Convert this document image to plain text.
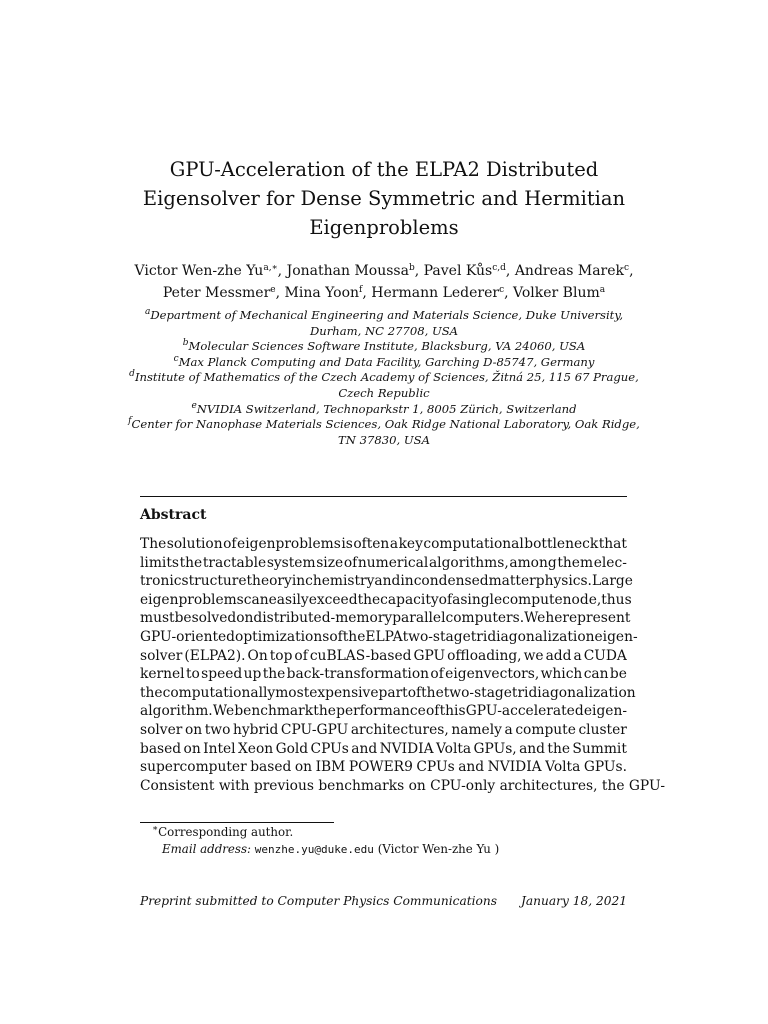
GPU-Acceleration of the ELPA2 Distributed
Eigensolver for Dense Symmetric and Hermitian
Eigenproblems
Victor Wen-zhe $Yu^{a,∗}$, Jonathan Moussa$^b$, Pavel Kůs$^{c,d}$, Andreas Marek$^c$,
Peter Messmer$^e$, Mina Yoon$^f$, Hermann Lederer$^c$, Volker Blum$^a$
$^a$Department of Mechanical Engineering and Materials Science, Duke University,
Durham, NC 27708, USA
$^b$Molecular Sciences Software Institute, Blacksburg, VA 24060, USA
$^c$Max Planck Computing and Data Facility, Garching D-85747, Germany
$^d$Institute of Mathematics of the Czech Academy of Sciences, Žitná 25, 115 67 Prague,
Czech Republic
$^e$NVIDIA Switzerland, Technoparkstr 1, 8005 Zürich, Switzerland
$^f$Center for Nanophase Materials Sciences, Oak Ridge National Laboratory, Oak Ridge,
TN 37830, USA
Abstract
The solution of eigenproblems is often a key computational bottleneck that
limits the tractable system size of numerical algorithms, among them elec-
tronic structure theory in chemistry and in condensed matter physics. Large
eigenproblems can easily exceed the capacity of a single compute node, thus
must be solved on distributed-memory parallel computers. We here present
GPU-oriented optimizations of the ELPA two-stage tridiagonalization eigen-
solver (ELPA2). On top of cuBLAS-based GPU offloading, we add a CUDA
kernel to speed up the back-transformation of eigenvectors, which can be
the computationally most expensive part of the two-stage tridiagonalization
algorithm. We benchmark the performance of this GPU-accelerated eigen-
solver on two hybrid CPU-GPU architectures, namely a compute cluster
based on Intel Xeon Gold CPUs and NVIDIA Volta GPUs, and the Summit
supercomputer based on IBM POWER9 CPUs and NVIDIA Volta GPUs.
Consistent with previous benchmarks on CPU-only architectures, the GPU-
∗Corresponding author.
Email address: wenzhe.yu@duke.edu (Victor Wen-zhe Yu )
Preprint submitted to Computer Physics Communications January 18, 2021
